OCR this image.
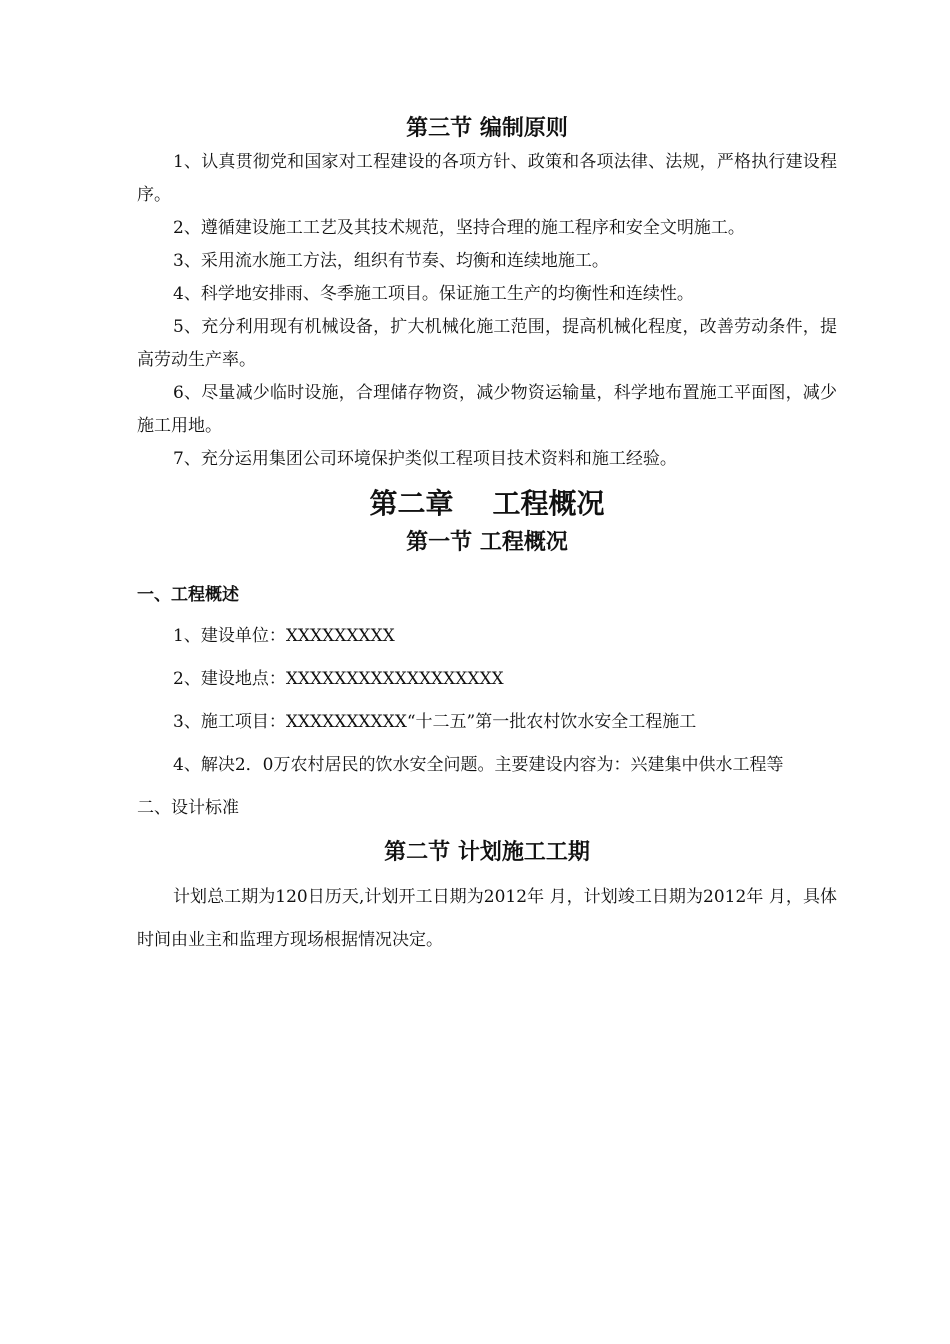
第三节 编制原则

1、认真贯彻党和国家对工程建设的各项方针、政策和各项法律、法规，严格执行建设程序。

2、遵循建设施工工艺及其技术规范，坚持合理的施工程序和安全文明施工。

3、采用流水施工方法，组织有节奏、均衡和连续地施工。

4、科学地安排雨、冬季施工项目。保证施工生产的均衡性和连续性。

5、充分利用现有机械设备，扩大机械化施工范围，提高机械化程度，改善劳动条件，提高劳动生产率。

6、尽量减少临时设施，合理储存物资，减少物资运输量，科学地布置施工平面图，减少施工用地。

7、充分运用集团公司环境保护类似工程项目技术资料和施工经验。

第二章    工程概况
第一节 工程概况

一、工程概述

1、建设单位：XXXXXXXXX

2、建设地点：XXXXXXXXXXXXXXXXXX

3、施工项目：XXXXXXXXXX“十二五”第一批农村饮水安全工程施工

4、解决2．0万农村居民的饮水安全问题。主要建设内容为：兴建集中供水工程等

二、设计标准

第二节 计划施工工期

计划总工期为120日历天,计划开工日期为2012年 月，计划竣工日期为2012年 月，具体时间由业主和监理方现场根据情况决定。
